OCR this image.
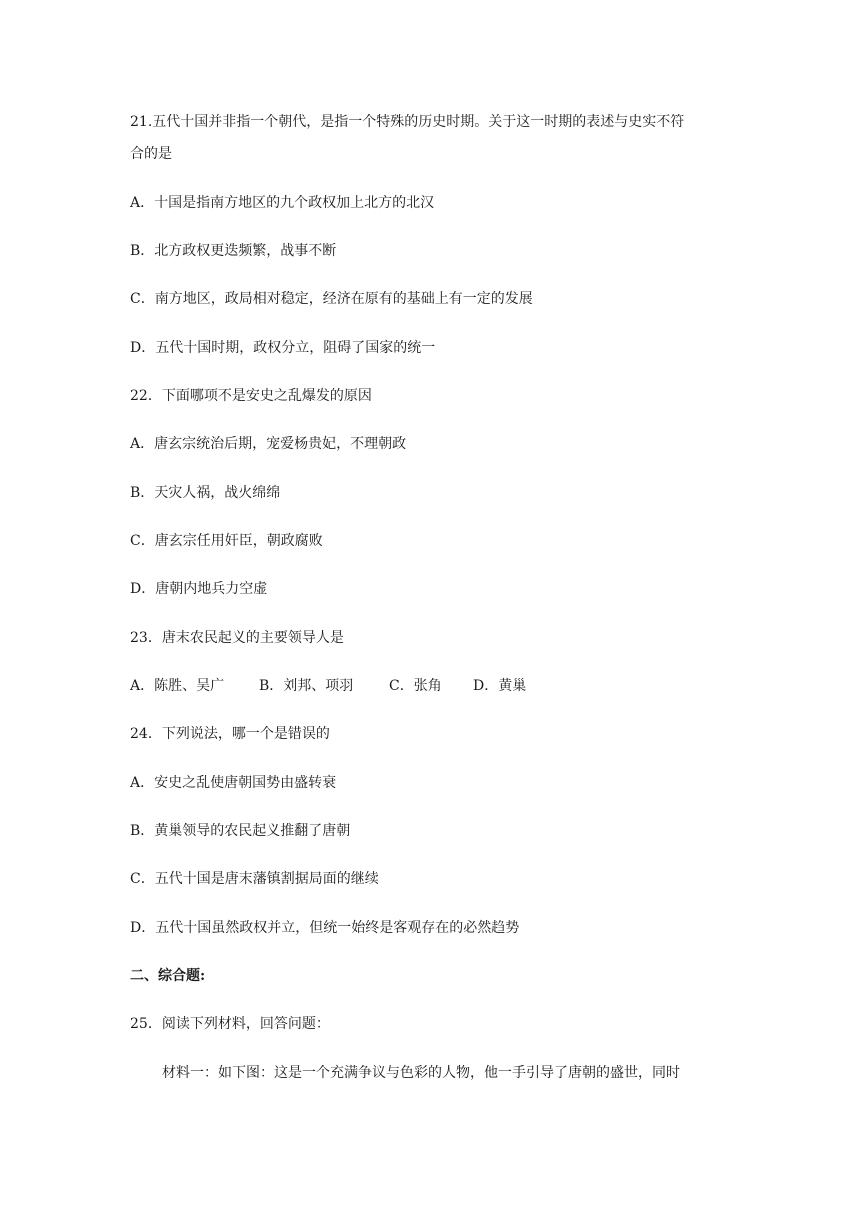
21.五代十国并非指一个朝代，是指一个特殊的历史时期。关于这一时期的表述与史实不符
合的是
A．十国是指南方地区的九个政权加上北方的北汉
B．北方政权更迭频繁，战事不断
C．南方地区，政局相对稳定，经济在原有的基础上有一定的发展
D．五代十国时期，政权分立，阻碍了国家的统一
22．下面哪项不是安史之乱爆发的原因
A．唐玄宗统治后期，宠爱杨贵妃，不理朝政
B．天灾人祸，战火绵绵
C．唐玄宗任用奸臣，朝政腐败
D．唐朝内地兵力空虚
23．唐末农民起义的主要领导人是
A．陈胜、吴广 B．刘邦、项羽	C．张角 D．黄巢
24．下列说法，哪一个是错误的
A．安史之乱使唐朝国势由盛转衰
B．黄巢领导的农民起义推翻了唐朝
C．五代十国是唐末藩镇割据局面的继续
D．五代十国虽然政权并立，但统一始终是客观存在的必然趋势
二、综合题:
25．阅读下列材料，回答问题：
材料一：如下图：这是一个充满争议与色彩的人物，他一手引导了唐朝的盛世，同时
